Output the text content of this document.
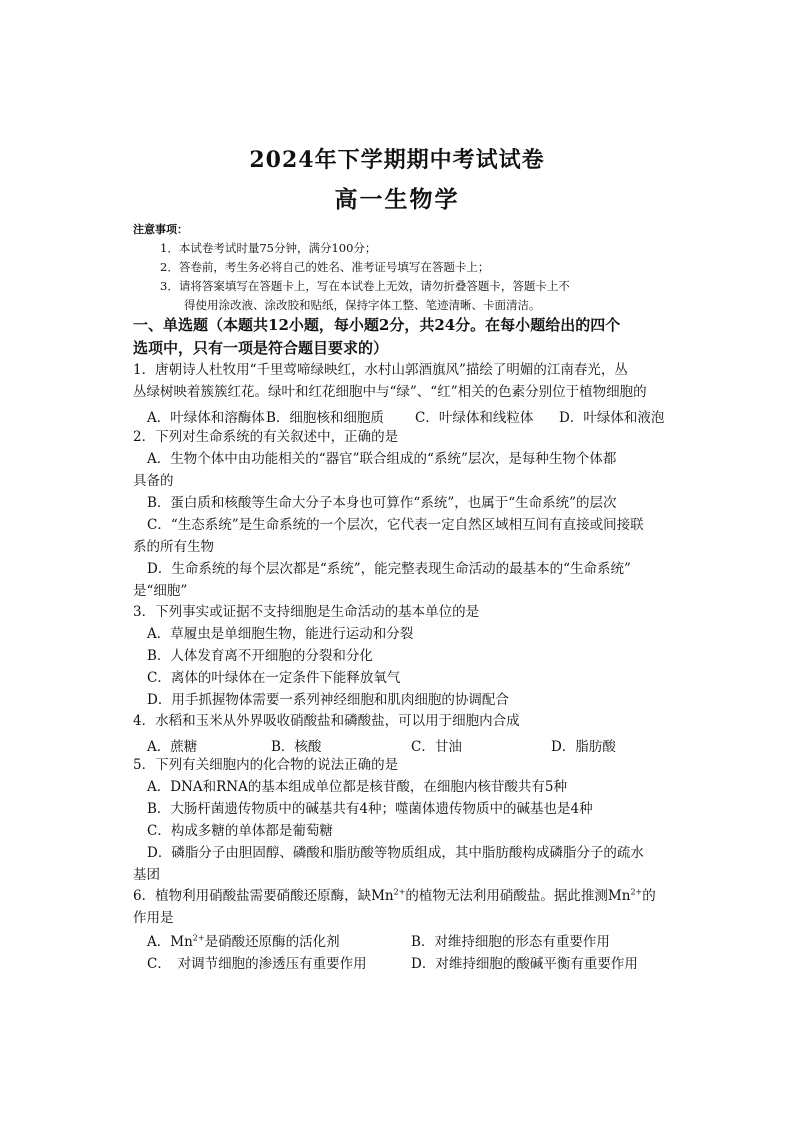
2024年下学期期中考试试卷
高一生物学
注意事项：
1．本试卷考试时量75分钟，满分100分；
2．答卷前，考生务必将自己的姓名、准考证号填写在答题卡上；
3．请将答案填写在答题卡上，写在本试卷上无效，请勿折叠答题卡，答题卡上不
得使用涂改液、涂改胶和贴纸，保持字体工整、笔迹清晰、卡面清洁。
一、单选题（本题共12小题，每小题2分，共24分。在每小题给出的四个
选项中，只有一项是符合题目要求的）
1．唐朝诗人杜牧用“千里莺啼绿映红，水村山郭酒旗风”描绘了明媚的江南春光，丛
丛绿树映着簇簇红花。绿叶和红花细胞中与“绿”、“红”相关的色素分别位于植物细胞的
A．叶绿体和溶酶体 B．细胞核和细胞质 C．叶绿体和线粒体 D．叶绿体和液泡
2．下列对生命系统的有关叙述中，正确的是
A．生物个体中由功能相关的“器官”联合组成的“系统”层次，是每种生物个体都
具备的
B．蛋白质和核酸等生命大分子本身也可算作“系统”，也属于“生命系统”的层次
C．“生态系统”是生命系统的一个层次，它代表一定自然区域相互间有直接或间接联
系的所有生物
D．生命系统的每个层次都是“系统”，能完整表现生命活动的最基本的“生命系统”
是“细胞”
3．下列事实或证据不支持细胞是生命活动的基本单位的是
A．草履虫是单细胞生物，能进行运动和分裂
B．人体发育离不开细胞的分裂和分化
C．离体的叶绿体在一定条件下能释放氧气
D．用手抓握物体需要一系列神经细胞和肌肉细胞的协调配合
4．水稻和玉米从外界吸收硝酸盐和磷酸盐，可以用于细胞内合成
A．蔗糖	B．核酸	C．甘油	D．脂肪酸
5．下列有关细胞内的化合物的说法正确的是
A．DNA和RNA的基本组成单位都是核苷酸，在细胞内核苷酸共有5种
B．大肠杆菌遗传物质中的碱基共有4种；噬菌体遗传物质中的碱基也是4种
C．构成多糖的单体都是葡萄糖
D．磷脂分子由胆固醇、磷酸和脂肪酸等物质组成，其中脂肪酸构成磷脂分子的疏水
基团
6．植物利用硝酸盐需要硝酸还原酶，缺$Mn^{2+}$的植物无法利用硝酸盐。据此推测$Mn^{2+}$的
作用是
A．$Mn^{2+}$是硝酸还原酶的活化剂	B．对维持细胞的形态有重要作用
C．　对调节细胞的渗透压有重要作用	D．对维持细胞的酸碱平衡有重要作用
